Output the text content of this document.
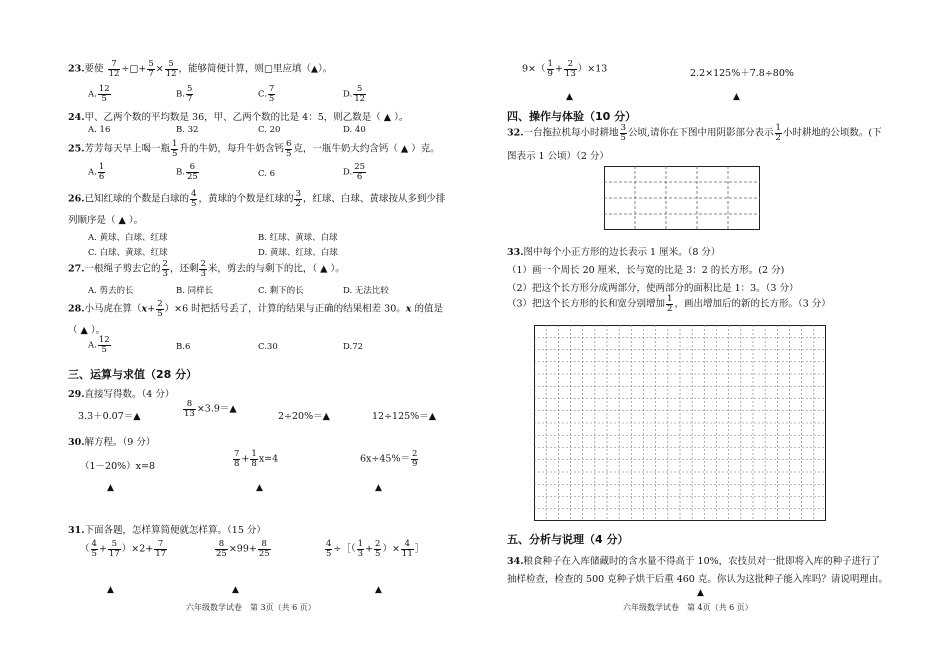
23.要使 $\frac{7}{12}$ ÷□+ $\frac{5}{7} \times \frac{5}{12}$ ，能够简便计算，则□里应填（▲）。
A. $\frac{12}{5}$	B. $\frac{5}{7}$	C. $\frac{7}{5}$	D. $\frac{5}{12}$
24.甲、乙两个数的平均数是 36，甲、乙两个数的比是 4：5，则乙数是（ ▲ ）。
A. 16	B. 32	C. 20	D. 40
25.芳芳每天早上喝一瓶 $\frac{1}{5}$ 升的牛奶，每升牛奶含钙 $\frac{6}{5}$ 克，一瓶牛奶大约含钙（ ▲ ）克。
A. $\frac{1}{6}$	B. $\frac{6}{25}$	C. 6	D. $\frac{25}{6}$
26.已知红球的个数是白球的 $\frac{4}{5}$ ，黄球的个数是红球的 $\frac{3}{2}$ ，红球、白球、黄球按从多到少排
列顺序是（ ▲ ）。
A. 黄球、白球、红球	B. 红球、黄球、白球
C. 白球、黄球、红球	D. 黄球、红球、白球
27.一根绳子剪去它的 $\frac{2}{3}$ ，还剩 $\frac{2}{3}$ 米，剪去的与剩下的比，（ ▲ ）。
A. 剪去的长	B. 同样长	C. 剩下的长	D. 无法比较
28.小马虎在算$(x+ \frac{2}{5} )\times 6$ 时把括号丢了，计算的结果与正确的结果相差 30。x 的值是
（ ▲ ）。
A. $\frac{12}{5}$	B.6	C.30	D.72
三、运算与求值（28 分）
29.直接写得数。（4 分）
3.3＋0.07＝▲	$\frac{8}{13}$ ×3.9＝▲
2÷20%＝▲	12÷125%＝▲
30.解方程。（9 分）
（1－20%）x=8	$\frac{7}{8} + \frac{1}{8} x=4$	$6x\div 45\%= \frac{2}{9}$
▲	▲	▲
31.下面各题，怎样算简便就怎样算。（15 分）
（ $\frac{4}{5} + \frac{5}{17} )\times 2+ \frac{7}{17}$	$\frac{8}{25} \times 99+ \frac{8}{25}$	$\frac{4}{5}$ ÷［（ $\frac{1}{3} + \frac{2}{5}$ ）× $\frac{4}{11}$ ］
▲	▲	▲
六年级数学试卷　第 3页（共 6 页）
$9\times( \frac{1}{9} + \frac{2}{13} )\times 13$	2.2×125%＋7.8÷80%
▲	▲
四、操作与体验（10 分）
32.一台拖拉机每小时耕地 $\frac{3}{5}$ 公顷,请你在下图中用阴影部分表示 $\frac{1}{2}$ 小时耕地的公顷数。(下
图表示 1 公顷）（2 分）
33.图中每个小正方形的边长表示 1 厘米。（8 分）
（1）画一个周长 20 厘米，长与宽的比是 3：2 的长方形。(2 分)
（2）把这个长方形分成两部分，使两部分的面积比是 1：3。（3 分）
（3）把这个长方形的长和宽分别增加 $\frac{1}{2}$ ，画出增加后的新的长方形。（3 分）
五、分析与说理（4 分）
34.粮食种子在入库储藏时的含水量不得高于 10%，农技员对一批即将入库的种子进行了
抽样检查，检查的 500 克种子烘干后重 460 克。你认为这批种子能入库吗？请说明理由。
▲
六年级数学试卷　第 4页（共 6 页）
